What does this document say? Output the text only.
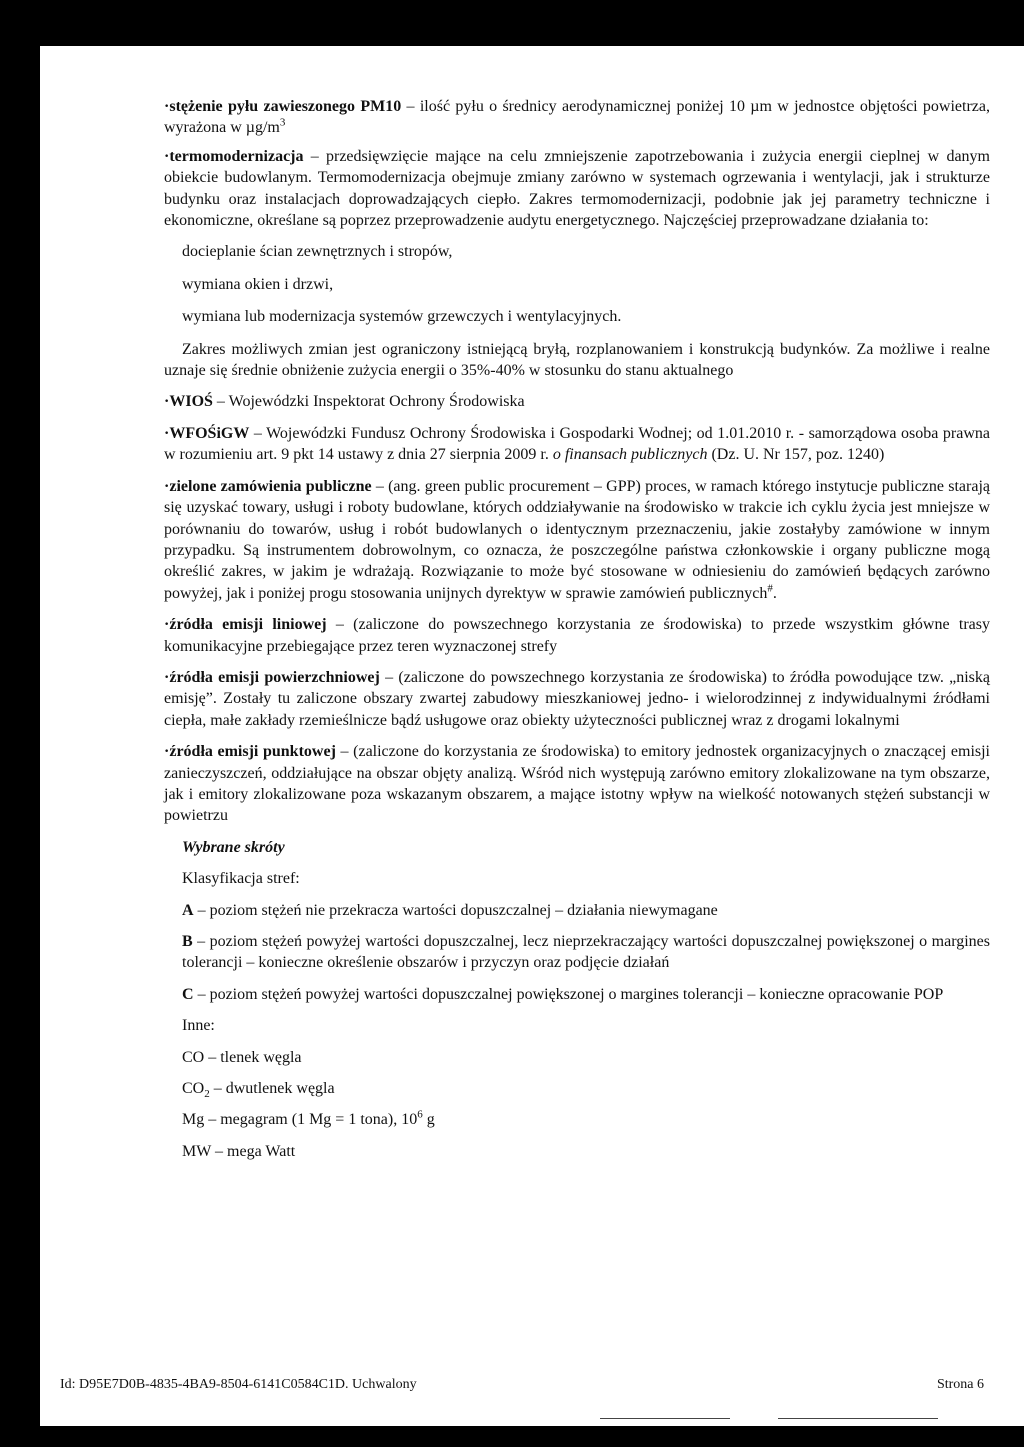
·stężenie pyłu zawieszonego PM10 – ilość pyłu o średnicy aerodynamicznej poniżej 10 µm w jednostce objętości powietrza, wyrażona w $\mu g/m^3$

·termomodernizacja – przedsięwzięcie mające na celu zmniejszenie zapotrzebowania i zużycia energii cieplnej w danym obiekcie budowlanym. Termomodernizacja obejmuje zmiany zarówno w systemach ogrzewania i wentylacji, jak i strukturze budynku oraz instalacjach doprowadzających ciepło. Zakres termomodernizacji, podobnie jak jej parametry techniczne i ekonomiczne, określane są poprzez przeprowadzenie audytu energetycznego. Najczęściej przeprowadzane działania to:

docieplanie ścian zewnętrznych i stropów,
wymiana okien i drzwi,
wymiana lub modernizacja systemów grzewczych i wentylacyjnych.

Zakres możliwych zmian jest ograniczony istniejącą bryłą, rozplanowaniem i konstrukcją budynków. Za możliwe i realne uznaje się średnie obniżenie zużycia energii o 35%-40% w stosunku do stanu aktualnego

·WIOŚ – Wojewódzki Inspektorat Ochrony Środowiska

·WFOŚiGW – Wojewódzki Fundusz Ochrony Środowiska i Gospodarki Wodnej; od 1.01.2010 r. - samorządowa osoba prawna w rozumieniu art. 9 pkt 14 ustawy z dnia 27 sierpnia 2009 r. o finansach publicznych (Dz. U. Nr 157, poz. 1240)

·zielone zamówienia publiczne – (ang. green public procurement – GPP) proces, w ramach którego instytucje publiczne starają się uzyskać towary, usługi i roboty budowlane, których oddziaływanie na środowisko w trakcie ich cyklu życia jest mniejsze w porównaniu do towarów, usług i robót budowlanych o identycznym przeznaczeniu, jakie zostałyby zamówione w innym przypadku. Są instrumentem dobrowolnym, co oznacza, że poszczególne państwa członkowskie i organy publiczne mogą określić zakres, w jakim je wdrażają. Rozwiązanie to może być stosowane w odniesieniu do zamówień będących zarówno powyżej, jak i poniżej progu stosowania unijnych dyrektyw w sprawie zamówień publicznych#.

·źródła emisji liniowej – (zaliczone do powszechnego korzystania ze środowiska) to przede wszystkim główne trasy komunikacyjne przebiegające przez teren wyznaczonej strefy

·źródła emisji powierzchniowej – (zaliczone do powszechnego korzystania ze środowiska) to źródła powodujące tzw. „niską emisję”. Zostały tu zaliczone obszary zwartej zabudowy mieszkaniowej jedno- i wielorodzinnej z indywidualnymi źródłami ciepła, małe zakłady rzemieślnicze bądź usługowe oraz obiekty użyteczności publicznej wraz z drogami lokalnymi

·źródła emisji punktowej – (zaliczone do korzystania ze środowiska) to emitory jednostek organizacyjnych o znaczącej emisji zanieczyszczeń, oddziałujące na obszar objęty analizą. Wśród nich występują zarówno emitory zlokalizowane na tym obszarze, jak i emitory zlokalizowane poza wskazanym obszarem, a mające istotny wpływ na wielkość notowanych stężeń substancji w powietrzu

Wybrane skróty
Klasyfikacja stref:

A – poziom stężeń nie przekracza wartości dopuszczalnej – działania niewymagane

B – poziom stężeń powyżej wartości dopuszczalnej, lecz nieprzekraczający wartości dopuszczalnej powiększonej o margines tolerancji – konieczne określenie obszarów i przyczyn oraz podjęcie działań

C – poziom stężeń powyżej wartości dopuszczalnej powiększonej o margines tolerancji – konieczne opracowanie POP

Inne:
CO – tlenek węgla
$CO_2$ – dwutlenek węgla
Mg – megagram (1 Mg = 1 tona), $10^6$ g
MW – mega Watt
Id: D95E7D0B-4835-4BA9-8504-6141C0584C1D. Uchwalony	Strona 6
